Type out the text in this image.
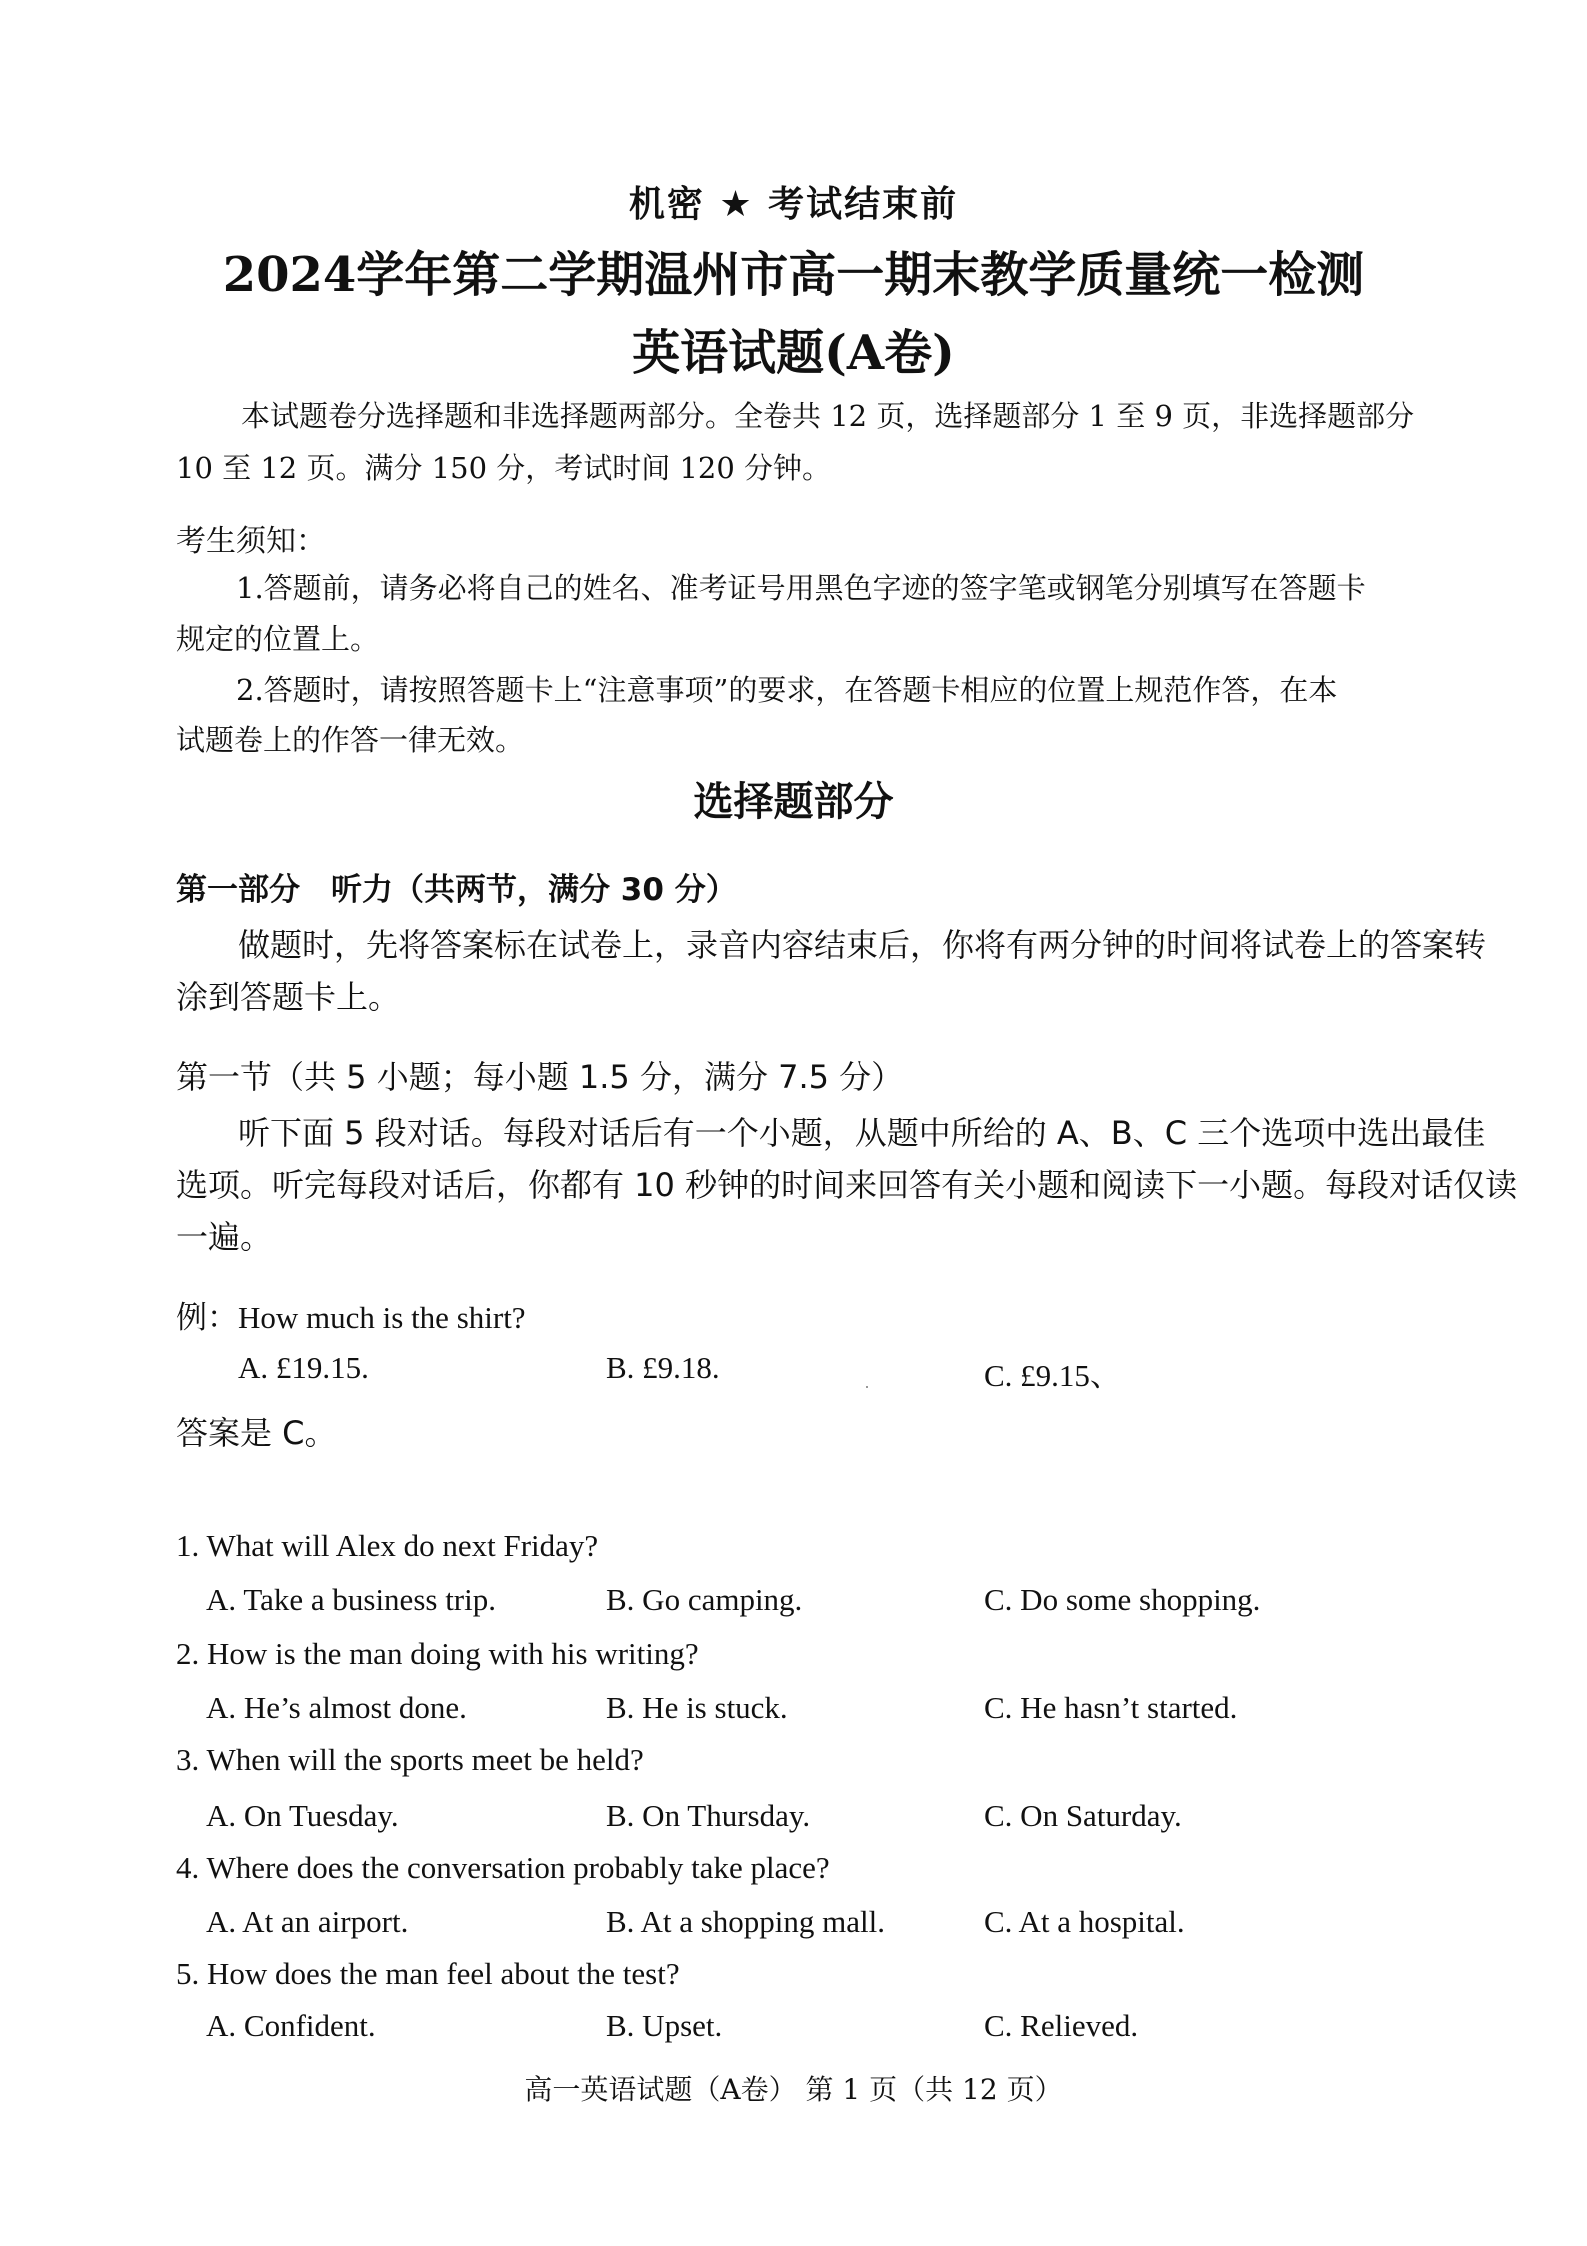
机密 ★ 考试结束前
2024学年第二学期温州市高一期末教学质量统一检测
英语试题(A卷)
本试题卷分选择题和非选择题两部分。全卷共 12 页，选择题部分 1 至 9 页，非选择题部分
10 至 12 页。满分 150 分，考试时间 120 分钟。
考生须知：
1.答题前，请务必将自己的姓名、准考证号用黑色字迹的签字笔或钢笔分别填写在答题卡
规定的位置上。
2.答题时，请按照答题卡上“注意事项”的要求，在答题卡相应的位置上规范作答，在本
试题卷上的作答一律无效。
选择题部分
第一部分　听力（共两节，满分 30 分）
做题时，先将答案标在试卷上，录音内容结束后，你将有两分钟的时间将试卷上的答案转
涂到答题卡上。
第一节（共 5 小题；每小题 1.5 分，满分 7.5 分）
听下面 5 段对话。每段对话后有一个小题，从题中所给的 A、B、C 三个选项中选出最佳
选项。听完每段对话后，你都有 10 秒钟的时间来回答有关小题和阅读下一小题。每段对话仅读
一遍。
例：How much is the shirt?
A. £19.15.	B. £9.18.	C. £9.15、
答案是 C。
1. What will Alex do next Friday?
A. Take a business trip.	B. Go camping.	C. Do some shopping.
2. How is the man doing with his writing?
A. He’s almost done.	B. He is stuck.	C. He hasn’t started.
3. When will the sports meet be held?
A. On Tuesday.	B. On Thursday.	C. On Saturday.
4. Where does the conversation probably take place?
A. At an airport.	B. At a shopping mall.	C. At a hospital.
5. How does the man feel about the test?
A. Confident.	B. Upset.	C. Relieved.
高一英语试题（A卷） 第 1 页（共 12 页）
